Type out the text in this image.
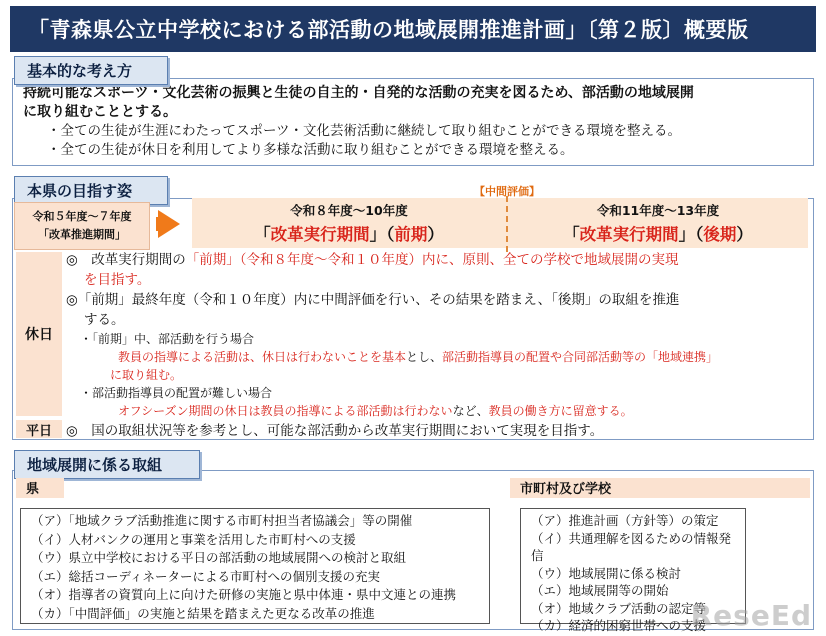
「青森県公立中学校における部活動の地域展開推進計画」〔第２版〕概要版
持続可能なスポーツ・文化芸術の振興と生徒の自主的・自発的な活動の充実を図るため、部活動の地域展開
に取り組むこととする。
・全ての生徒が生涯にわたってスポーツ・文化芸術活動に継続して取り組むことができる環境を整える。
・全ての生徒が休日を利用してより多様な活動に取り組むことができる環境を整える。
基本的な考え方
本県の目指す姿	【中間評価】
令和５年度〜７年度
「改革推進期間」
令和８年度〜10年度
「改革実行期間」（前期）
令和11年度〜13年度
「改革実行期間」（後期）
休日
平日
◎　改革実行期間の「前期」（令和８年度〜令和１０年度）内に、原則、全ての学校で地域展開の実現
を目指す。
◎「前期」最終年度（令和１０年度）内に中間評価を行い、その結果を踏まえ、「後期」の取組を推進
する。
・「前期」中、部活動を行う場合
教員の指導による活動は、休日は行わないことを基本とし、部活動指導員の配置や合同部活動等の「地域連携」
に取り組む。
・部活動指導員の配置が難しい場合
オフシーズン期間の休日は教員の指導による部活動は行わないなど、教員の働き方に留意する。
◎　国の取組状況等を参考とし、可能な部活動から改革実行期間において実現を目指す。
地域展開に係る取組
県
（ア）「地域クラブ活動推進に関する市町村担当者協議会」等の開催
（イ）人材バンクの運用と事業を活用した市町村への支援
（ウ）県立中学校における平日の部活動の地域展開への検討と取組
（エ）総括コーディネーターによる市町村への個別支援の充実
（オ）指導者の資質向上に向けた研修の実施と県中体連・県中文連との連携
（カ）「中間評価」の実施と結果を踏まえた更なる改革の推進
市町村及び学校
（ア）推進計画（方針等）の策定
（イ）共通理解を図るための情報発信
（ウ）地域展開に係る検討
（エ）地域展開等の開始
（オ）地域クラブ活動の認定等
（カ）経済的困窮世帯への支援
ReseEd
